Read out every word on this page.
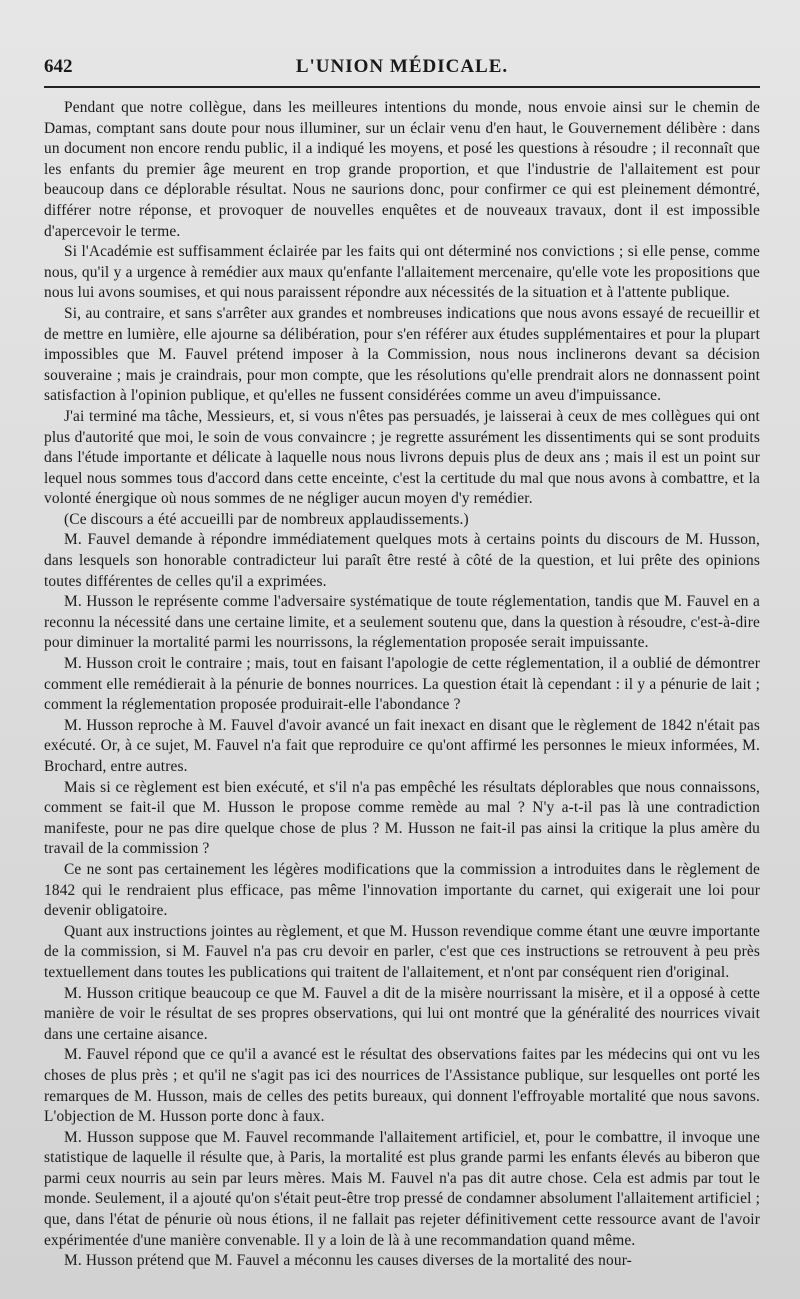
642	L'UNION MÉDICALE.

Pendant que notre collègue, dans les meilleures intentions du monde, nous envoie ainsi sur le chemin de Damas, comptant sans doute pour nous illuminer, sur un éclair venu d'en haut, le Gouvernement délibère : dans un document non encore rendu public, il a indiqué les moyens, et posé les questions à résoudre ; il reconnaît que les enfants du premier âge meurent en trop grande proportion, et que l'industrie de l'allaitement est pour beaucoup dans ce déplorable résultat. Nous ne saurions donc, pour confirmer ce qui est pleinement démontré, différer notre réponse, et provoquer de nouvelles enquêtes et de nouveaux travaux, dont il est impossible d'apercevoir le terme.

Si l'Académie est suffisamment éclairée par les faits qui ont déterminé nos convictions ; si elle pense, comme nous, qu'il y a urgence à remédier aux maux qu'enfante l'allaitement mercenaire, qu'elle vote les propositions que nous lui avons soumises, et qui nous paraissent répondre aux nécessités de la situation et à l'attente publique.

Si, au contraire, et sans s'arrêter aux grandes et nombreuses indications que nous avons essayé de recueillir et de mettre en lumière, elle ajourne sa délibération, pour s'en référer aux études supplémentaires et pour la plupart impossibles que M. Fauvel prétend imposer à la Commission, nous nous inclinerons devant sa décision souveraine ; mais je craindrais, pour mon compte, que les résolutions qu'elle prendrait alors ne donnassent point satisfaction à l'opinion publique, et qu'elles ne fussent considérées comme un aveu d'impuissance.

J'ai terminé ma tâche, Messieurs, et, si vous n'êtes pas persuadés, je laisserai à ceux de mes collègues qui ont plus d'autorité que moi, le soin de vous convaincre ; je regrette assurément les dissentiments qui se sont produits dans l'étude importante et délicate à laquelle nous nous livrons depuis plus de deux ans ; mais il est un point sur lequel nous sommes tous d'accord dans cette enceinte, c'est la certitude du mal que nous avons à combattre, et la volonté énergique où nous sommes de ne négliger aucun moyen d'y remédier.

(Ce discours a été accueilli par de nombreux applaudissements.)

M. Fauvel demande à répondre immédiatement quelques mots à certains points du discours de M. Husson, dans lesquels son honorable contradicteur lui paraît être resté à côté de la question, et lui prête des opinions toutes différentes de celles qu'il a exprimées.

M. Husson le représente comme l'adversaire systématique de toute réglementation, tandis que M. Fauvel en a reconnu la nécessité dans une certaine limite, et a seulement soutenu que, dans la question à résoudre, c'est-à-dire pour diminuer la mortalité parmi les nourrissons, la réglementation proposée serait impuissante.

M. Husson croit le contraire ; mais, tout en faisant l'apologie de cette réglementation, il a oublié de démontrer comment elle remédierait à la pénurie de bonnes nourrices. La question était là cependant : il y a pénurie de lait ; comment la réglementation proposée produirait-elle l'abondance ?

M. Husson reproche à M. Fauvel d'avoir avancé un fait inexact en disant que le règlement de 1842 n'était pas exécuté. Or, à ce sujet, M. Fauvel n'a fait que reproduire ce qu'ont affirmé les personnes le mieux informées, M. Brochard, entre autres.

Mais si ce règlement est bien exécuté, et s'il n'a pas empêché les résultats déplorables que nous connaissons, comment se fait-il que M. Husson le propose comme remède au mal ? N'y a-t-il pas là une contradiction manifeste, pour ne pas dire quelque chose de plus ? M. Husson ne fait-il pas ainsi la critique la plus amère du travail de la commission ?

Ce ne sont pas certainement les légères modifications que la commission a introduites dans le règlement de 1842 qui le rendraient plus efficace, pas même l'innovation importante du carnet, qui exigerait une loi pour devenir obligatoire.

Quant aux instructions jointes au règlement, et que M. Husson revendique comme étant une œuvre importante de la commission, si M. Fauvel n'a pas cru devoir en parler, c'est que ces instructions se retrouvent à peu près textuellement dans toutes les publications qui traitent de l'allaitement, et n'ont par conséquent rien d'original.

M. Husson critique beaucoup ce que M. Fauvel a dit de la misère nourrissant la misère, et il a opposé à cette manière de voir le résultat de ses propres observations, qui lui ont montré que la généralité des nourrices vivait dans une certaine aisance.

M. Fauvel répond que ce qu'il a avancé est le résultat des observations faites par les médecins qui ont vu les choses de plus près ; et qu'il ne s'agit pas ici des nourrices de l'Assistance publique, sur lesquelles ont porté les remarques de M. Husson, mais de celles des petits bureaux, qui donnent l'effroyable mortalité que nous savons. L'objection de M. Husson porte donc à faux.

M. Husson suppose que M. Fauvel recommande l'allaitement artificiel, et, pour le combattre, il invoque une statistique de laquelle il résulte que, à Paris, la mortalité est plus grande parmi les enfants élevés au biberon que parmi ceux nourris au sein par leurs mères. Mais M. Fauvel n'a pas dit autre chose. Cela est admis par tout le monde. Seulement, il a ajouté qu'on s'était peut-être trop pressé de condamner absolument l'allaitement artificiel ; que, dans l'état de pénurie où nous étions, il ne fallait pas rejeter définitivement cette ressource avant de l'avoir expérimentée d'une manière convenable. Il y a loin de là à une recommandation quand même.

M. Husson prétend que M. Fauvel a méconnu les causes diverses de la mortalité des nour-
